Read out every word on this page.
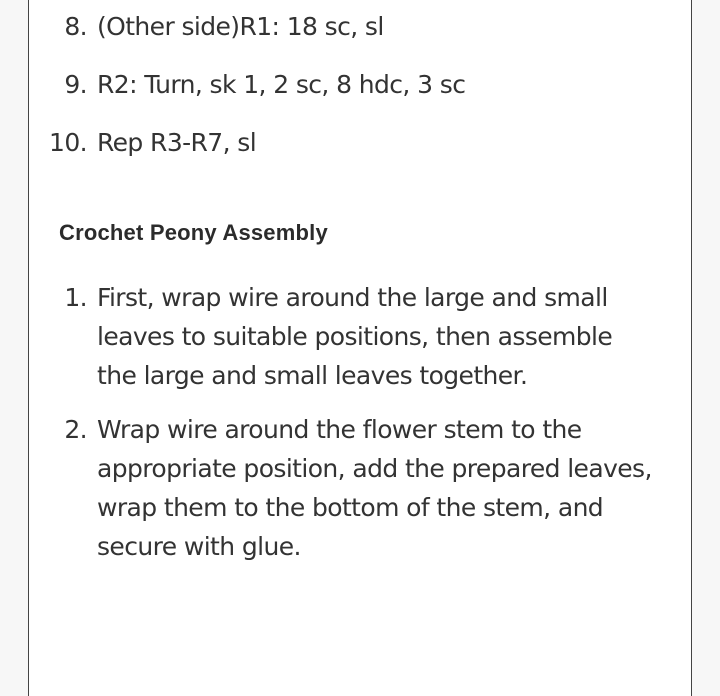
8. (Other side)R1: 18 sc, sl
9. R2: Turn, sk 1, 2 sc, 8 hdc, 3 sc
10. Rep R3-R7, sl
Crochet Peony Assembly
1. First, wrap wire around the large and small leaves to suitable positions, then assemble the large and small leaves together.
2. Wrap wire around the flower stem to the appropriate position, add the prepared leaves, wrap them to the bottom of the stem, and secure with glue.
